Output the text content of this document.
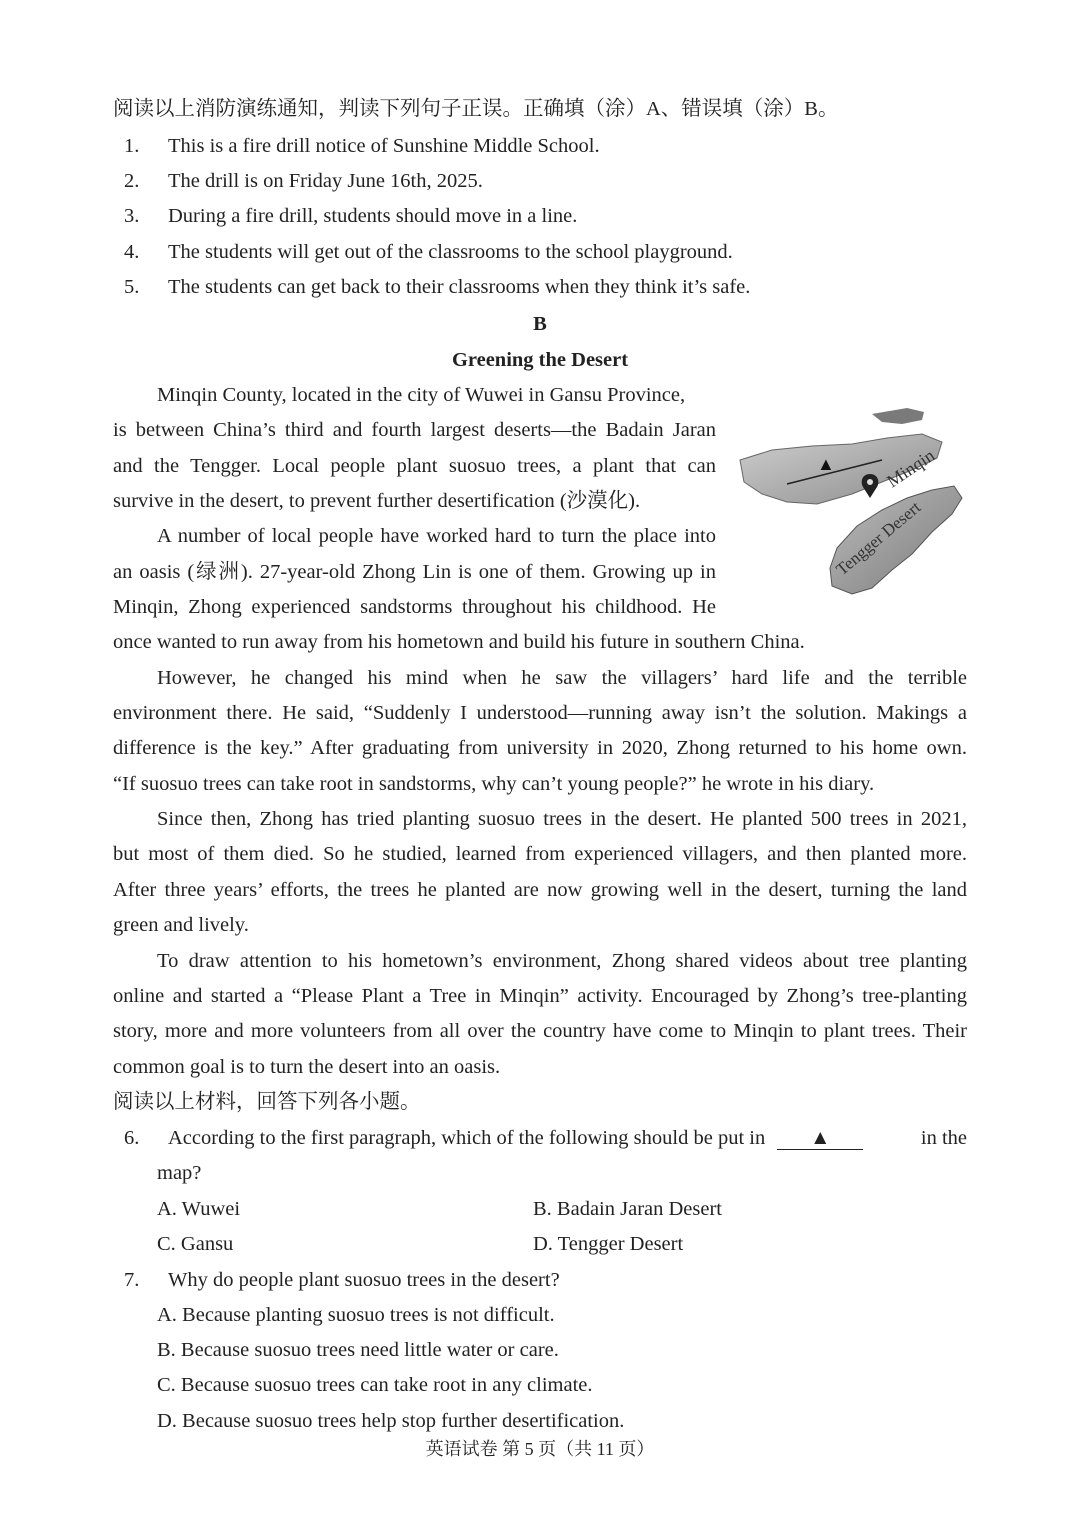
阅读以上消防演练通知，判读下列句子正误。正确填（涂）A、错误填（涂）B。
1. This is a fire drill notice of Sunshine Middle School.
2. The drill is on Friday June 16th, 2025.
3. During a fire drill, students should move in a line.
4. The students will get out of the classrooms to the school playground.
5. The students can get back to their classrooms when they think it’s safe.
B
Greening the Desert
Minqin County, located in the city of Wuwei in Gansu Province,
is between China’s third and fourth largest deserts—the Badain Jaran
and the Tengger. Local people plant suosuo trees, a plant that can
survive in the desert, to prevent further desertification (沙漠化).
A number of local people have worked hard to turn the place into
an oasis (绿洲). 27-year-old Zhong Lin is one of them. Growing up in
Minqin, Zhong experienced sandstorms throughout his childhood. He
once wanted to run away from his hometown and build his future in southern China.
However, he changed his mind when he saw the villagers’ hard life and the terrible
environment there. He said, “Suddenly I understood—running away isn’t the solution. Makings a
difference is the key.” After graduating from university in 2020, Zhong returned to his home own.
“If suosuo trees can take root in sandstorms, why can’t young people?” he wrote in his diary.
Since then, Zhong has tried planting suosuo trees in the desert. He planted 500 trees in 2021,
but most of them died. So he studied, learned from experienced villagers, and then planted more.
After three years’ efforts, the trees he planted are now growing well in the desert, turning the land
green and lively.
To draw attention to his hometown’s environment, Zhong shared videos about tree planting
online and started a “Please Plant a Tree in Minqin” activity. Encouraged by Zhong’s tree-planting
story, more and more volunteers from all over the country have come to Minqin to plant trees. Their
common goal is to turn the desert into an oasis.
▲	Minqin
Tengger Desert
阅读以上材料，回答下列各小题。
6. According to the first paragraph, which of the following should be put in ▲	in the
map?
A. Wuwei	B. Badain Jaran Desert
C. Gansu	D. Tengger Desert
7. Why do people plant suosuo trees in the desert?
A. Because planting suosuo trees is not difficult.
B. Because suosuo trees need little water or care.
C. Because suosuo trees can take root in any climate.
D. Because suosuo trees help stop further desertification.
英语试卷 第 5 页（共 11 页）
